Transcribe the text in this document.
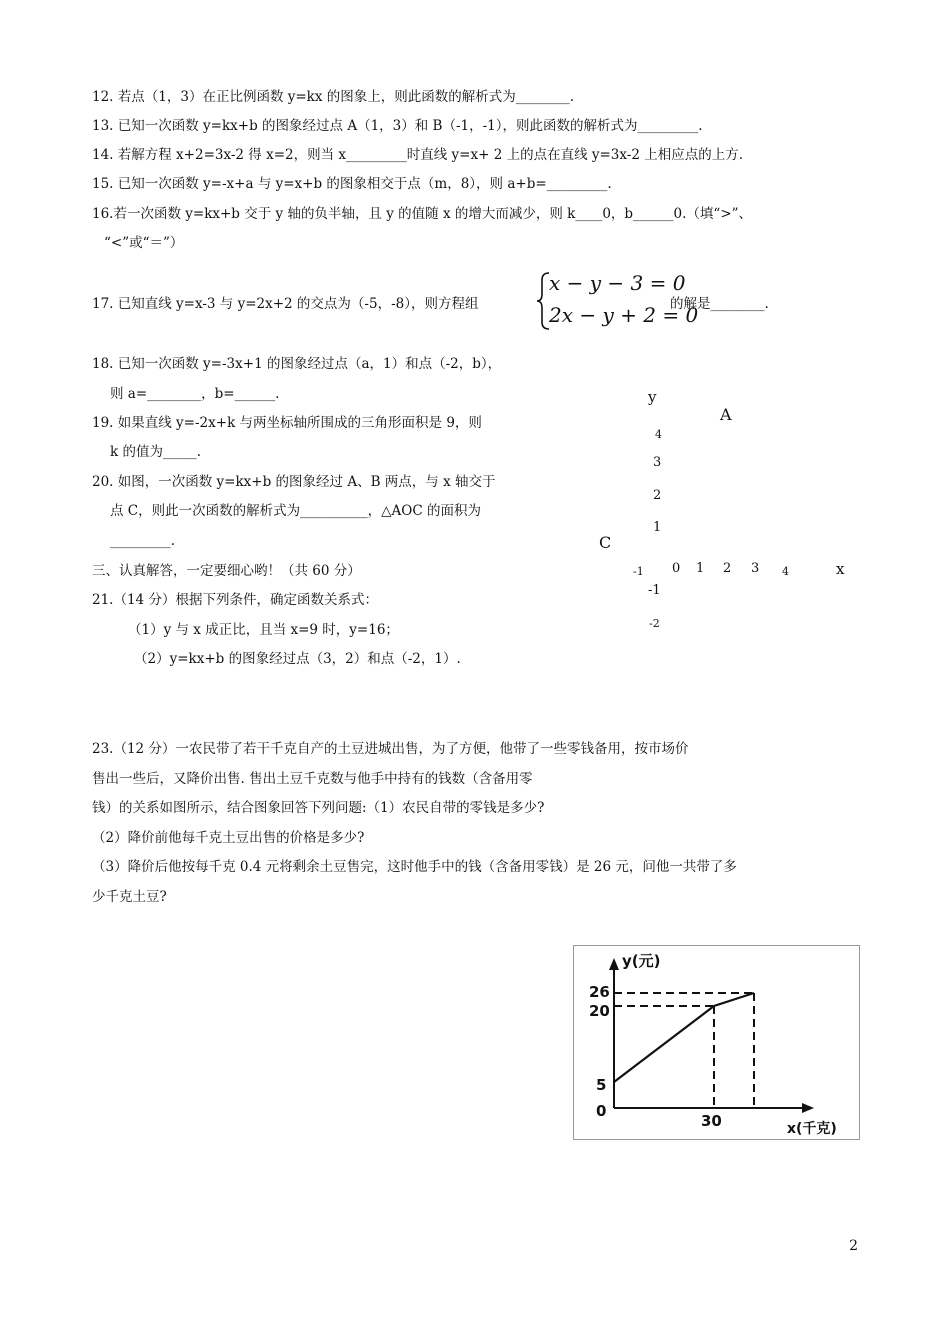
12. 若点（1，3）在正比例函数 y=kx 的图象上，则此函数的解析式为________.
13. 已知一次函数 y=kx+b 的图象经过点 A（1，3）和 B（-1，-1），则此函数的解析式为_________.
14. 若解方程 x+2=3x-2 得 x=2，则当 x_________时直线 y=x+ 2 上的点在直线 y=3x-2 上相应点的上方.
15. 已知一次函数 y=-x+a 与 y=x+b 的图象相交于点（m，8），则 a+b=_________.
16.若一次函数 y=kx+b 交于 y 轴的负半轴，且 y 的值随 x 的增大而减少，则 k____0，b______0.（填“>”、
“<”或“＝”）
17. 已知直线 y=x-3 与 y=2x+2 的交点为（-5，-8），则方程组
x − y − 3 = 0
2x − y + 2 = 0
的解是________.
18. 已知一次函数 y=-3x+1 的图象经过点（a，1）和点（-2，b），
则 a=________，b=______.
19. 如果直线 y=-2x+k 与两坐标轴所围成的三角形面积是 9，则
k 的值为_____.
20. 如图，一次函数 y=kx+b 的图象经过 A、B 两点，与 x 轴交于
点 C，则此一次函数的解析式为__________，△AOC 的面积为
_________.
y
A
4
3
2
1
C
-1 0 1 2 3 4	x
-1
-2
三、认真解答，一定要细心哟！（共 60 分）
21.（14 分）根据下列条件，确定函数关系式：
（1）y 与 x 成正比，且当 x=9 时，y=16；
（2）y=kx+b 的图象经过点（3，2）和点（-2，1）.
23.（12 分）一农民带了若干千克自产的土豆进城出售，为了方便，他带了一些零钱备用，按市场价
售出一些后，又降价出售. 售出土豆千克数与他手中持有的钱数（含备用零
钱）的关系如图所示，结合图象回答下列问题:（1）农民自带的零钱是多少?
（2）降价前他每千克土豆出售的价格是多少?
（3）降价后他按每千克 0.4 元将剩余土豆售完，这时他手中的钱（含备用零钱）是 26 元，问他一共带了多
少千克土豆?
y(元)
26
20
5
0
30	x(千克)
2
